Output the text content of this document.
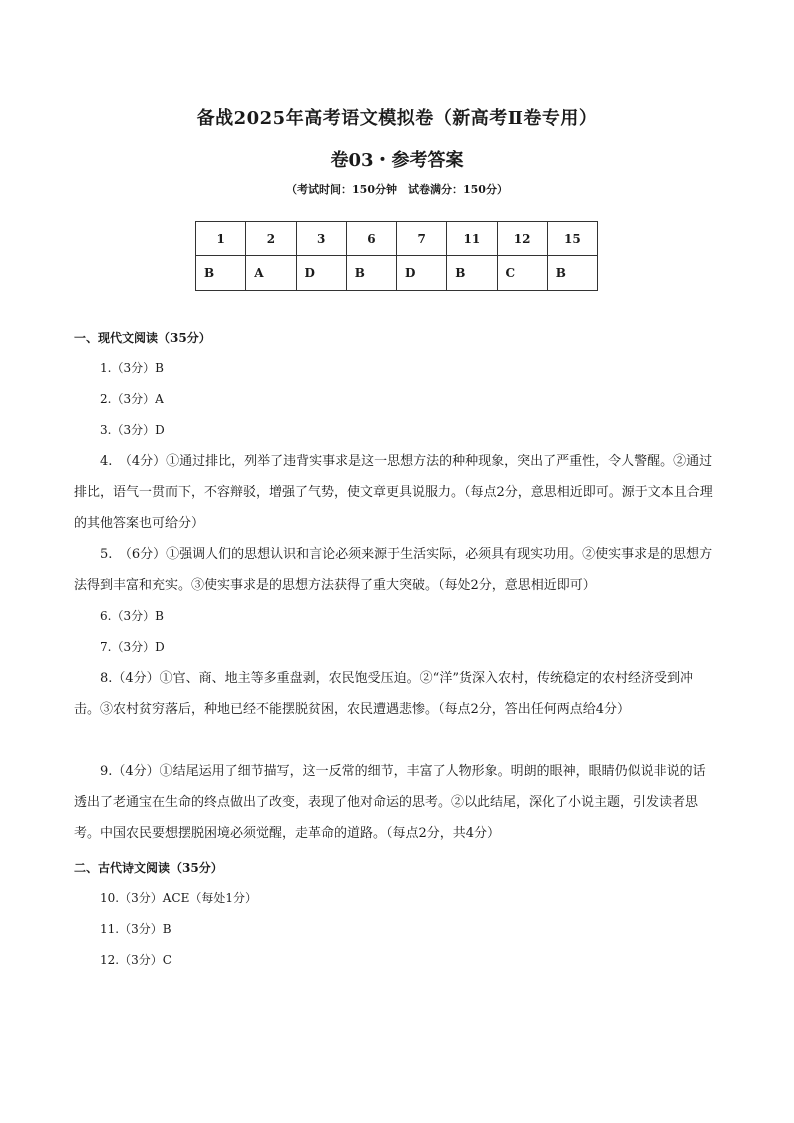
备战2025年高考语文模拟卷（新高考Ⅱ卷专用）
卷03・参考答案
（考试时间：150分钟　试卷满分：150分）
1	2	3	6	7	11	12	15
B	A	D	B	D	B	C	B
一、现代文阅读（35分）
1.（3分）B
2.（3分）A
3.（3分）D
4.　（4分）①通过排比，列举了违背实事求是这一思想方法的种种现象，突出了严重性，令人警醒。②通过排比，语气一贯而下，不容辩驳，增强了气势，使文章更具说服力。（每点2分，意思相近即可。源于文本且合理的其他答案也可给分）
5.　（6分）①强调人们的思想认识和言论必须来源于生活实际，必须具有现实功用。②使实事求是的思想方法得到丰富和充实。③使实事求是的思想方法获得了重大突破。（每处2分，意思相近即可）
6.（3分）B
7.（3分）D
8.（4分）①官、商、地主等多重盘剥，农民饱受压迫。②“洋”货深入农村，传统稳定的农村经济受到冲击。③农村贫穷落后，种地已经不能摆脱贫困，农民遭遇悲惨。（每点2分，答出任何两点给4分）
9.（4分）①结尾运用了细节描写，这一反常的细节，丰富了人物形象。明朗的眼神，眼睛仍似说非说的话透出了老通宝在生命的终点做出了改变，表现了他对命运的思考。②以此结尾，深化了小说主题，引发读者思考。中国农民要想摆脱困境必须觉醒，走革命的道路。（每点2分，共4分）
二、古代诗文阅读（35分）
10.（3分）ACE（每处1分）
11.（3分）B
12.（3分）C
